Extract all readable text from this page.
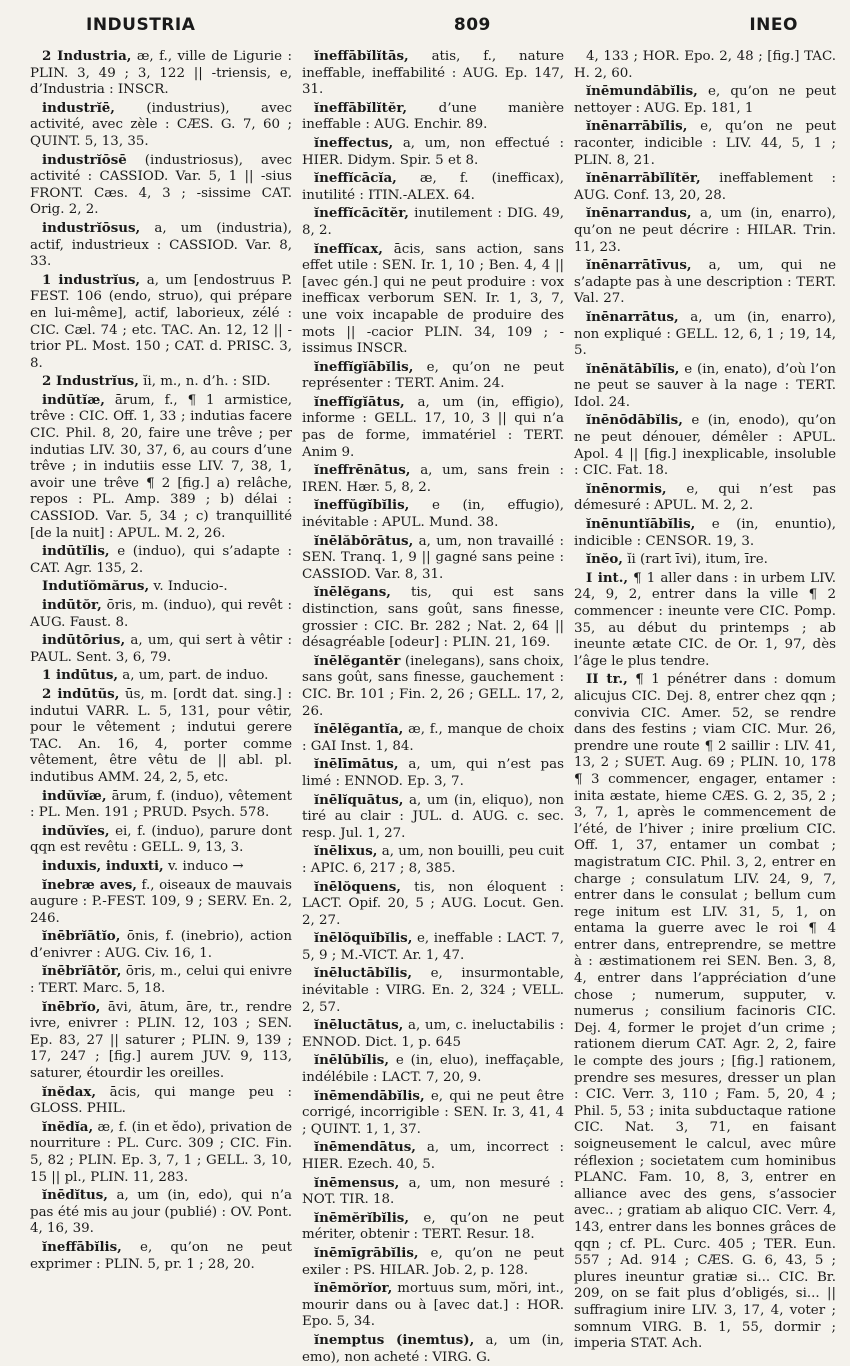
INDUSTRIA	809	INEO

2 Industria, æ, f., ville de Ligurie : PLIN. 3, 49 ; 3, 122 || -triensis, e, d’Industria : INSCR.

industrĭē, (industrius), avec activité, avec zèle : CÆS. G. 7, 60 ; QUINT. 5, 13, 35.

industrĭōsē (industriosus), avec activité : CASSIOD. Var. 5, 1 || -sius FRONT. Cæs. 4, 3 ; -sissime CAT. Orig. 2, 2.

industrĭōsus, a, um (industria), actif, industrieux : CASSIOD. Var. 8, 33.

1 industrĭus, a, um [endostruus P. FEST. 106 (endo, struo), qui prépare en lui-même], actif, laborieux, zélé : CIC. Cæl. 74 ; etc. TAC. An. 12, 12 || -trior PL. Most. 150 ; CAT. d. PRISC. 3, 8.

2 Industrĭus, ĭi, m., n. d’h. : SID.

indūtĭæ, ārum, f., ¶ 1 armistice, trêve : CIC. Off. 1, 33 ; indutias facere CIC. Phil. 8, 20, faire une trêve ; per indutias LIV. 30, 37, 6, au cours d’une trêve ; in indutiis esse LIV. 7, 38, 1, avoir une trêve ¶ 2 [fig.] a) relâche, repos : PL. Amp. 389 ; b) délai : CASSIOD. Var. 5, 34 ; c) tranquillité [de la nuit] : APUL. M. 2, 26.

indūtĭlis, e (induo), qui s’adapte : CAT. Agr. 135, 2.

Indutĭŏmărus, v. Inducio-.

indūtŏr, ōris, m. (induo), qui revêt : AUG. Faust. 8.

indūtōrius, a, um, qui sert à vêtir : PAUL. Sent. 3, 6, 79.

1 indūtus, a, um, part. de induo.

2 indūtŭs, ūs, m. [ordt dat. sing.] : indutui VARR. L. 5, 131, pour vêtir, pour le vêtement ; indutui gerere TAC. An. 16, 4, porter comme vêtement, être vêtu de || abl. pl. indutibus AMM. 24, 2, 5, etc.

indŭvĭæ, ārum, f. (induo), vêtement : PL. Men. 191 ; PRUD. Psych. 578.

indŭvĭes, ei, f. (induo), parure dont qqn est revêtu : GELL. 9, 13, 3.

induxis, induxti, v. induco →

ĭnebræ aves, f., oiseaux de mauvais augure : P.-FEST. 109, 9 ; SERV. En. 2, 246.

ĭnēbrĭātĭo, ōnis, f. (inebrio), action d’enivrer : AUG. Civ. 16, 1.

ĭnēbrĭātŏr, ōris, m., celui qui enivre : TERT. Marc. 5, 18.

ĭnēbrĭo, āvi, ātum, āre, tr., rendre ivre, enivrer : PLIN. 12, 103 ; SEN. Ep. 83, 27 || saturer ; PLIN. 9, 139 ; 17, 247 ; [fig.] aurem JUV. 9, 113, saturer, étourdir les oreilles.

ĭnĕdax, ācis, qui mange peu : GLOSS. PHIL.

ĭnĕdĭa, æ, f. (in et ĕdo), privation de nourriture : PL. Curc. 309 ; CIC. Fin. 5, 82 ; PLIN. Ep. 3, 7, 1 ; GELL. 3, 10, 15 || pl., PLIN. 11, 283.

ĭnēdĭtus, a, um (in, edo), qui n’a pas été mis au jour (publié) : OV. Pont. 4, 16, 39.

ĭneffābĭlis, e, qu’on ne peut exprimer : PLIN. 5, pr. 1 ; 28, 20.

ĭneffābĭlĭtās, atis, f., nature ineffable, ineffabilité : AUG. Ep. 147, 31.

ĭneffābĭlĭtĕr, d’une manière ineffable : AUG. Enchir. 89.

ĭneffectus, a, um, non effectué : HIER. Didym. Spir. 5 et 8.

ĭneffĭcācĭa, æ, f. (inefficax), inutilité : ITIN.-ALEX. 64.

ĭneffĭcācĭtĕr, inutilement : DIG. 49, 8, 2.

ĭneffĭcax, ācis, sans action, sans effet utile : SEN. Ir. 1, 10 ; Ben. 4, 4 || [avec gén.] qui ne peut produire : vox inefficax verborum SEN. Ir. 1, 3, 7, une voix incapable de produire des mots || -cacior PLIN. 34, 109 ; -issimus INSCR.

ĭneffĭgĭābĭlis, e, qu’on ne peut représenter : TERT. Anim. 24.

ĭneffĭgĭātus, a, um (in, effigio), informe : GELL. 17, 10, 3 || qui n’a pas de forme, immatériel : TERT. Anim 9.

ĭneffrēnātus, a, um, sans frein : IREN. Hær. 5, 8, 2.

ĭneffŭgĭbĭlis, e (in, effugio), inévitable : APUL. Mund. 38.

ĭnēlăbōrātus, a, um, non travaillé : SEN. Tranq. 1, 9 || gagné sans peine : CASSIOD. Var. 8, 31.

ĭnēlĕgans, tis, qui est sans distinction, sans goût, sans finesse, grossier : CIC. Br. 282 ; Nat. 2, 64 || désagréable [odeur] : PLIN. 21, 169.

ĭnēlĕgantĕr (inelegans), sans choix, sans goût, sans finesse, gauchement : CIC. Br. 101 ; Fin. 2, 26 ; GELL. 17, 2, 26.

ĭnēlĕgantĭa, æ, f., manque de choix : GAI Inst. 1, 84.

ĭnēlīmātus, a, um, qui n’est pas limé : ENNOD. Ep. 3, 7.

ĭnēlĭquātus, a, um (in, eliquo), non tiré au clair : JUL. d. AUG. c. sec. resp. Jul. 1, 27.

ĭnēlixus, a, um, non bouilli, peu cuit : APIC. 6, 217 ; 8, 385.

ĭnēlŏquens, tis, non éloquent : LACT. Opif. 20, 5 ; AUG. Locut. Gen. 2, 27.

ĭnēlŏquĭbĭlis, e, ineffable : LACT. 7, 5, 9 ; M.-VICT. Ar. 1, 47.

ĭnēluctābĭlis, e, insurmontable, inévitable : VIRG. En. 2, 324 ; VELL. 2, 57.

ĭnēluctātus, a, um, c. ineluctabilis : ENNOD. Dict. 1, p. 645

ĭnēlūbĭlis, e (in, eluo), ineffaçable, indélébile : LACT. 7, 20, 9.

ĭnēmendābĭlis, e, qui ne peut être corrigé, incorrigible : SEN. Ir. 3, 41, 4 ; QUINT. 1, 1, 37.

ĭnēmendātus, a, um, incorrect : HIER. Ezech. 40, 5.

ĭnēmensus, a, um, non mesuré : NOT. TIR. 18.

ĭnēmĕrĭbĭlis, e, qu’on ne peut mériter, obtenir : TERT. Resur. 18.

ĭnēmīgrābĭlis, e, qu’on ne peut exiler : PS. HILAR. Job. 2, p. 128.

ĭnēmŏrĭor, mortuus sum, mŏri, int., mourir dans ou à [avec dat.] : HOR. Epo. 5, 34.

ĭnemptus (inemtus), a, um (in, emo), non acheté : VIRG. G.

4, 133 ; HOR. Epo. 2, 48 ; [fig.] TAC. H. 2, 60.

ĭnēmundābĭlis, e, qu’on ne peut nettoyer : AUG. Ep. 181, 1

ĭnēnarrābĭlis, e, qu’on ne peut raconter, indicible : LIV. 44, 5, 1 ; PLIN. 8, 21.

ĭnēnarrābĭlĭtĕr, ineffablement : AUG. Conf. 13, 20, 28.

ĭnēnarrandus, a, um (in, enarro), qu’on ne peut décrire : HILAR. Trin. 11, 23.

ĭnēnarrātīvus, a, um, qui ne s’adapte pas à une description : TERT. Val. 27.

ĭnēnarrātus, a, um (in, enarro), non expliqué : GELL. 12, 6, 1 ; 19, 14, 5.

ĭnēnătābĭlis, e (in, enato), d’où l’on ne peut se sauver à la nage : TERT. Idol. 24.

ĭnēnōdābĭlis, e (in, enodo), qu’on ne peut dénouer, démêler : APUL. Apol. 4 || [fig.] inexplicable, insoluble : CIC. Fat. 18.

ĭnēnormis, e, qui n’est pas démesuré : APUL. M. 2, 2.

ĭnēnuntĭābĭlis, e (in, enuntio), indicible : CENSOR. 19, 3.

ĭnĕo, ĭi (rart īvi), itum, īre.

I int., ¶ 1 aller dans : in urbem LIV. 24, 9, 2, entrer dans la ville ¶ 2 commencer : ineunte vere CIC. Pomp. 35, au début du printemps ; ab ineunte ætate CIC. de Or. 1, 97, dès l’âge le plus tendre.

II tr., ¶ 1 pénétrer dans : domum alicujus CIC. Dej. 8, entrer chez qqn ; convivia CIC. Amer. 52, se rendre dans des festins ; viam CIC. Mur. 26, prendre une route ¶ 2 saillir : LIV. 41, 13, 2 ; SUET. Aug. 69 ; PLIN. 10, 178 ¶ 3 commencer, engager, entamer : inita æstate, hieme CÆS. G. 2, 35, 2 ; 3, 7, 1, après le commencement de l’été, de l’hiver ; inire prœlium CIC. Off. 1, 37, entamer un combat ; magistratum CIC. Phil. 3, 2, entrer en charge ; consulatum LIV. 24, 9, 7, entrer dans le consulat ; bellum cum rege initum est LIV. 31, 5, 1, on entama la guerre avec le roi ¶ 4 entrer dans, entreprendre, se mettre à : æstimationem rei SEN. Ben. 3, 8, 4, entrer dans l’appréciation d’une chose ; numerum, supputer, v. numerus ; consilium facinoris CIC. Dej. 4, former le projet d’un crime ; rationem dierum CAT. Agr. 2, 2, faire le compte des jours ; [fig.] rationem, prendre ses mesures, dresser un plan : CIC. Verr. 3, 110 ; Fam. 5, 20, 4 ; Phil. 5, 53 ; inita subductaque ratione CIC. Nat. 3, 71, en faisant soigneusement le calcul, avec mûre réflexion ; societatem cum hominibus PLANC. Fam. 10, 8, 3, entrer en alliance avec des gens, s’associer avec.. ; gratiam ab aliquo CIC. Verr. 4, 143, entrer dans les bonnes grâces de qqn ; cf. PL. Curc. 405 ; TER. Eun. 557 ; Ad. 914 ; CÆS. G. 6, 43, 5 ; plures ineuntur gratiæ si... CIC. Br. 209, on se fait plus d’obligés, si... || suffragium inire LIV. 3, 17, 4, voter ; somnum VIRG. B. 1, 55, dormir ; imperia STAT. Ach.
